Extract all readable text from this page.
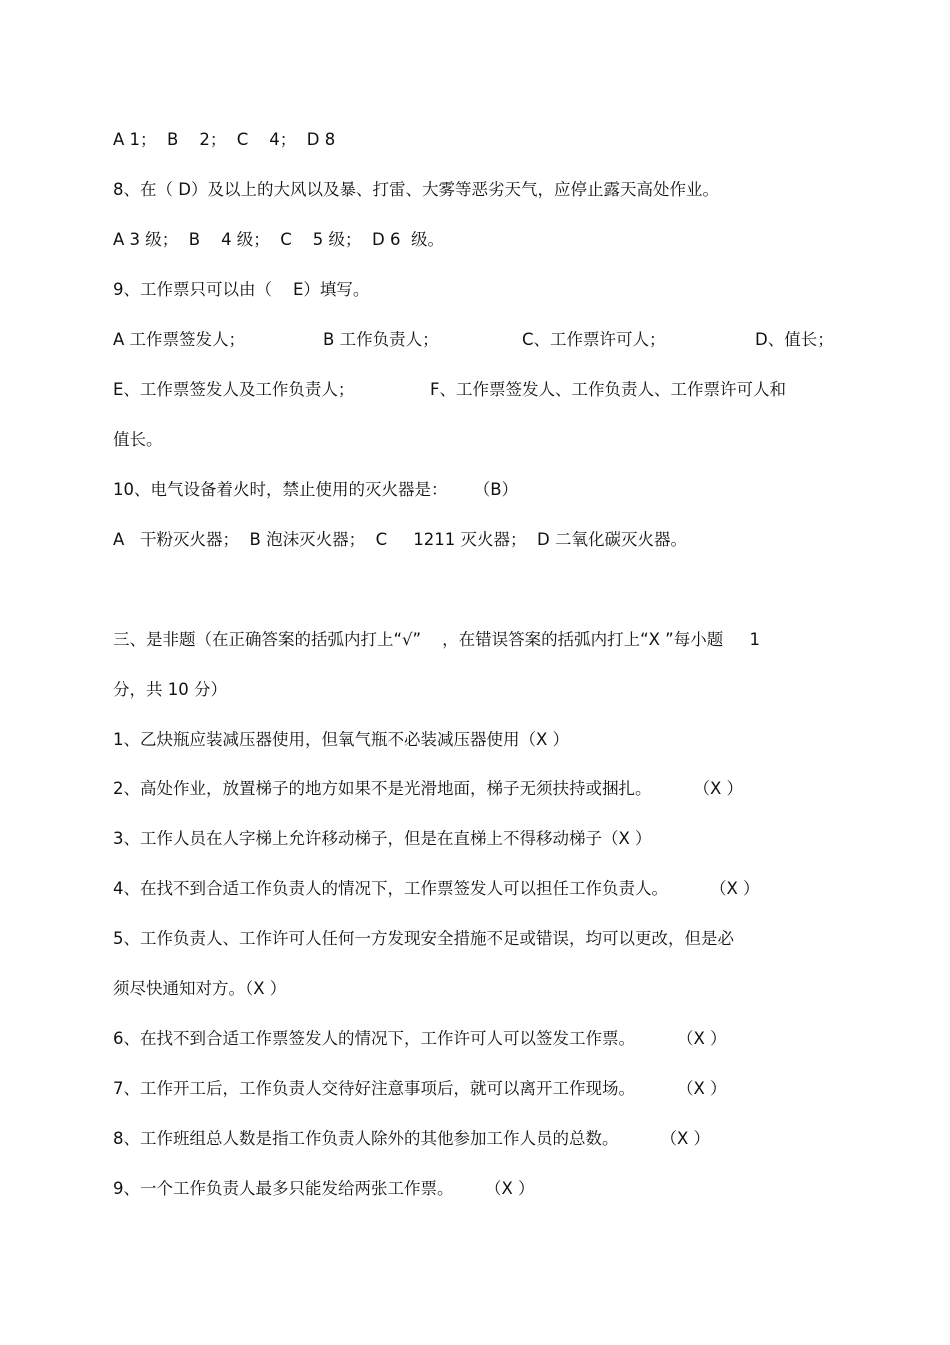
A 1；  B    2；  C    4；  D 8
8、在（ D）及以上的大风以及暴、打雷、大雾等恶劣天气，应停止露天高处作业。
A 3 级；  B    4 级；  C    5 级；  D 6  级。
9、工作票只可以由（    E）填写。
A 工作票签发人；	B 工作负责人；	C、工作票许可人；	D、值长；
E、工作票签发人及工作负责人；	F、工作票签发人、工作负责人、工作票许可人和
值长。
10、电气设备着火时，禁止使用的灭火器是：     （B）
A   干粉灭火器；  B 泡沫灭火器；  C     1211 灭火器；  D 二氧化碳灭火器。
三、是非题（在正确答案的括弧内打上“√”    ，在错误答案的括弧内打上“X ”每小题     1
分，共 10 分）
1、乙炔瓶应装减压器使用，但氧气瓶不必装减压器使用（X ）
2、高处作业，放置梯子的地方如果不是光滑地面，梯子无须扶持或捆扎。        （X ）
3、工作人员在人字梯上允许移动梯子，但是在直梯上不得移动梯子（X ）
4、在找不到合适工作负责人的情况下，工作票签发人可以担任工作负责人。        （X ）
5、工作负责人、工作许可人任何一方发现安全措施不足或错误，均可以更改，但是必
须尽快通知对方。（X ）
6、在找不到合适工作票签发人的情况下，工作许可人可以签发工作票。        （X ）
7、工作开工后，工作负责人交待好注意事项后，就可以离开工作现场。        （X ）
8、工作班组总人数是指工作负责人除外的其他参加工作人员的总数。        （X ）
9、一个工作负责人最多只能发给两张工作票。      （X ）
